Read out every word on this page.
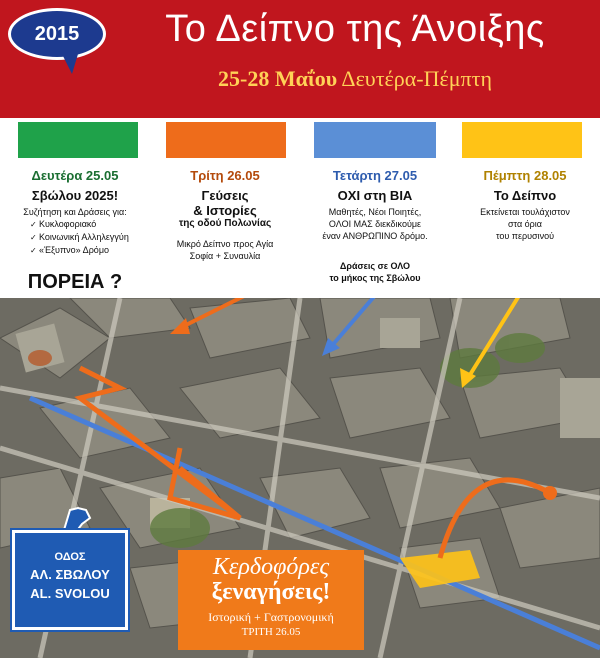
2015	Το Δείπνο της Άνοιξης
25-28 Μαΐου Δευτέρα-Πέμπτη
Δευτέρα 25.05
Σβώλου 2025!
Συζήτηση και Δράσεις για:
✓ Κυκλοφοριακό
✓ Κοινωνική Αλληλεγγύη
✓ «Έξυπνο» Δρόμο
ΠΟΡΕΙΑ ?
Τρίτη 26.05
Γεύσεις
& Ιστορίες
της οδού Πολωνίας
Μικρό Δείπνο προς Αγία
Σοφία + Συναυλία
Τετάρτη 27.05
ΟΧΙ στη ΒΙΑ
Μαθητές, Νέοι Ποιητές,
ΟΛΟΙ ΜΑΣ διεκδικούμε
έναν ΑΝΘΡΩΠΙΝΟ δρόμο.
Δράσεις σε ΟΛΟ
το μήκος της Σβώλου
Πέμπτη 28.05
Το Δείπνο
Εκτείνεται τουλάχιστον
στα όρια
του περυσινού
ΟΔΟΣ
ΑΛ. ΣΒΩΛΟΥ
AL. SVOLOU
Κερδοφόρες
ξεναγήσεις!
Ιστορική + Γαστρονομική
ΤΡΙΤΗ 26.05
